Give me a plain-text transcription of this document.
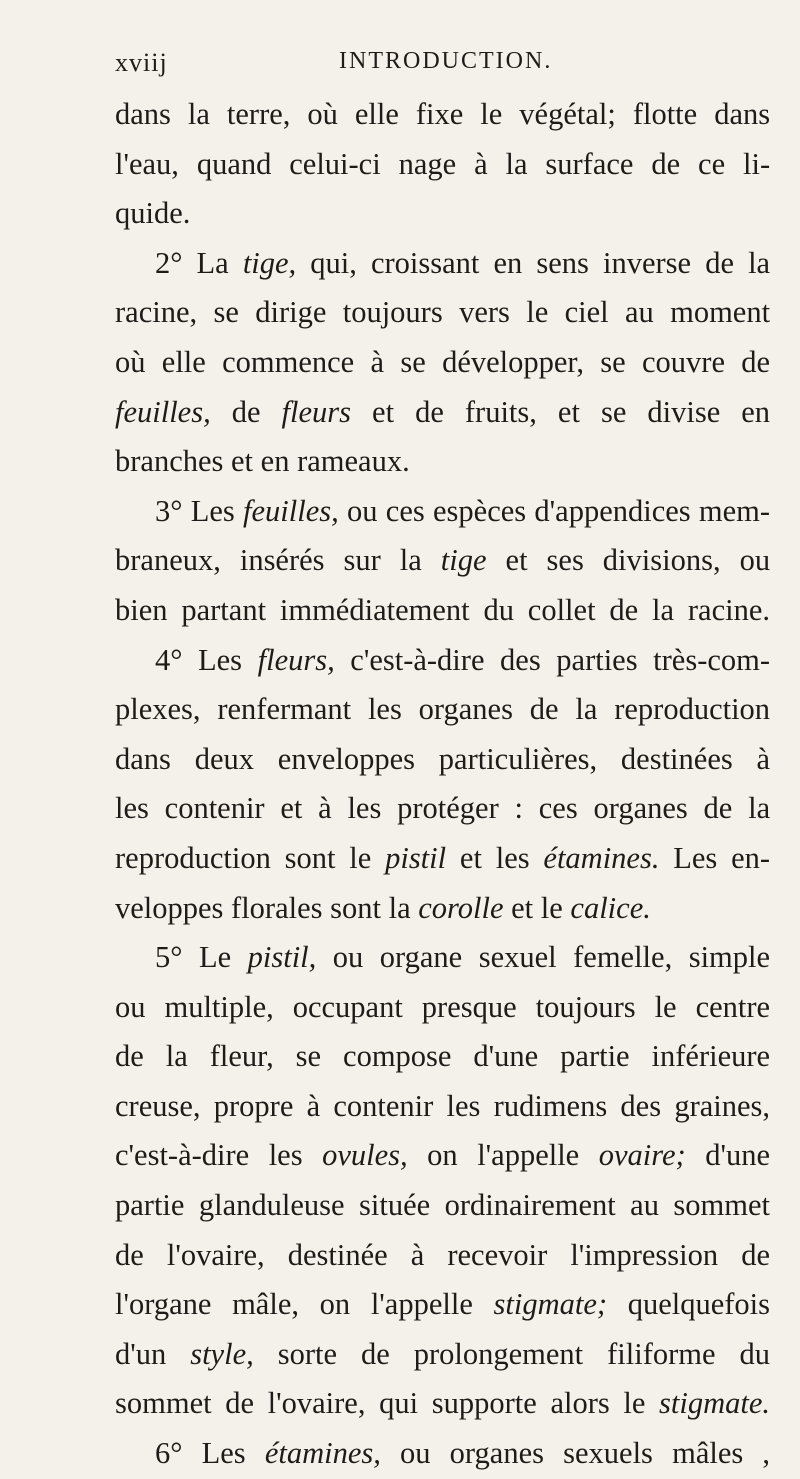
xviij	INTRODUCTION.
dans la terre, où elle fixe le végétal; flotte dans
l'eau, quand celui-ci nage à la surface de ce li-
quide.
2° La tige, qui, croissant en sens inverse de la
racine, se dirige toujours vers le ciel au moment
où elle commence à se développer, se couvre de
feuilles, de fleurs et de fruits, et se divise en
branches et en rameaux.
3° Les feuilles, ou ces espèces d'appendices mem-
braneux, insérés sur la tige et ses divisions, ou
bien partant immédiatement du collet de la racine.
4° Les fleurs, c'est-à-dire des parties très-com-
plexes, renfermant les organes de la reproduction
dans deux enveloppes particulières, destinées à
les contenir et à les protéger : ces organes de la
reproduction sont le pistil et les étamines. Les en-
veloppes florales sont la corolle et le calice.
5° Le pistil, ou organe sexuel femelle, simple
ou multiple, occupant presque toujours le centre
de la fleur, se compose d'une partie inférieure
creuse, propre à contenir les rudimens des graines,
c'est-à-dire les ovules, on l'appelle ovaire; d'une
partie glanduleuse située ordinairement au sommet
de l'ovaire, destinée à recevoir l'impression de
l'organe mâle, on l'appelle stigmate; quelquefois
d'un style, sorte de prolongement filiforme du
sommet de l'ovaire, qui supporte alors le stigmate.
6° Les étamines, ou organes sexuels mâles ,
